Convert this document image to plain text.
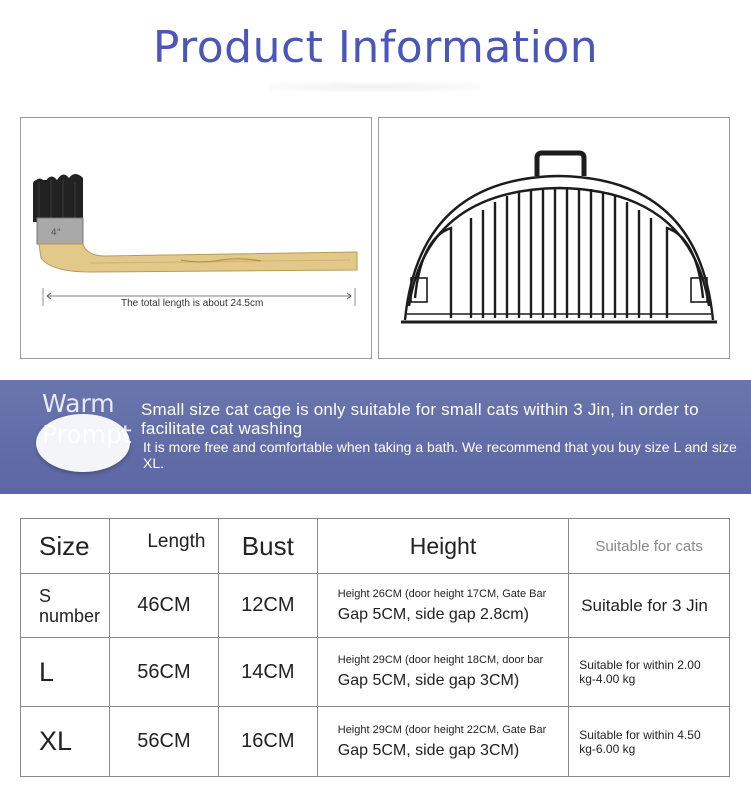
Product Information
4"
The total length is about 24.5cm
Warm Prompt
Small size cat cage is only suitable for small cats within 3 Jin, in order to facilitate cat washing
It is more free and comfortable when taking a bath. We recommend that you buy size L and size XL.
Size	Length	Bust	Height	Suitable for cats
S number	46CM	12CM	Height 26CM (door height 17CM, Gate Bar
Gap 5CM, side gap 2.8cm)	Suitable for 3 Jin
L	56CM	14CM	Height 29CM (door height 18CM, door bar
Gap 5CM, side gap 3CM)	Suitable for within 2.00 kg-4.00 kg
XL	56CM	16CM	Height 29CM (door height 22CM, Gate Bar
Gap 5CM, side gap 3CM)	Suitable for within 4.50 kg-6.00 kg
